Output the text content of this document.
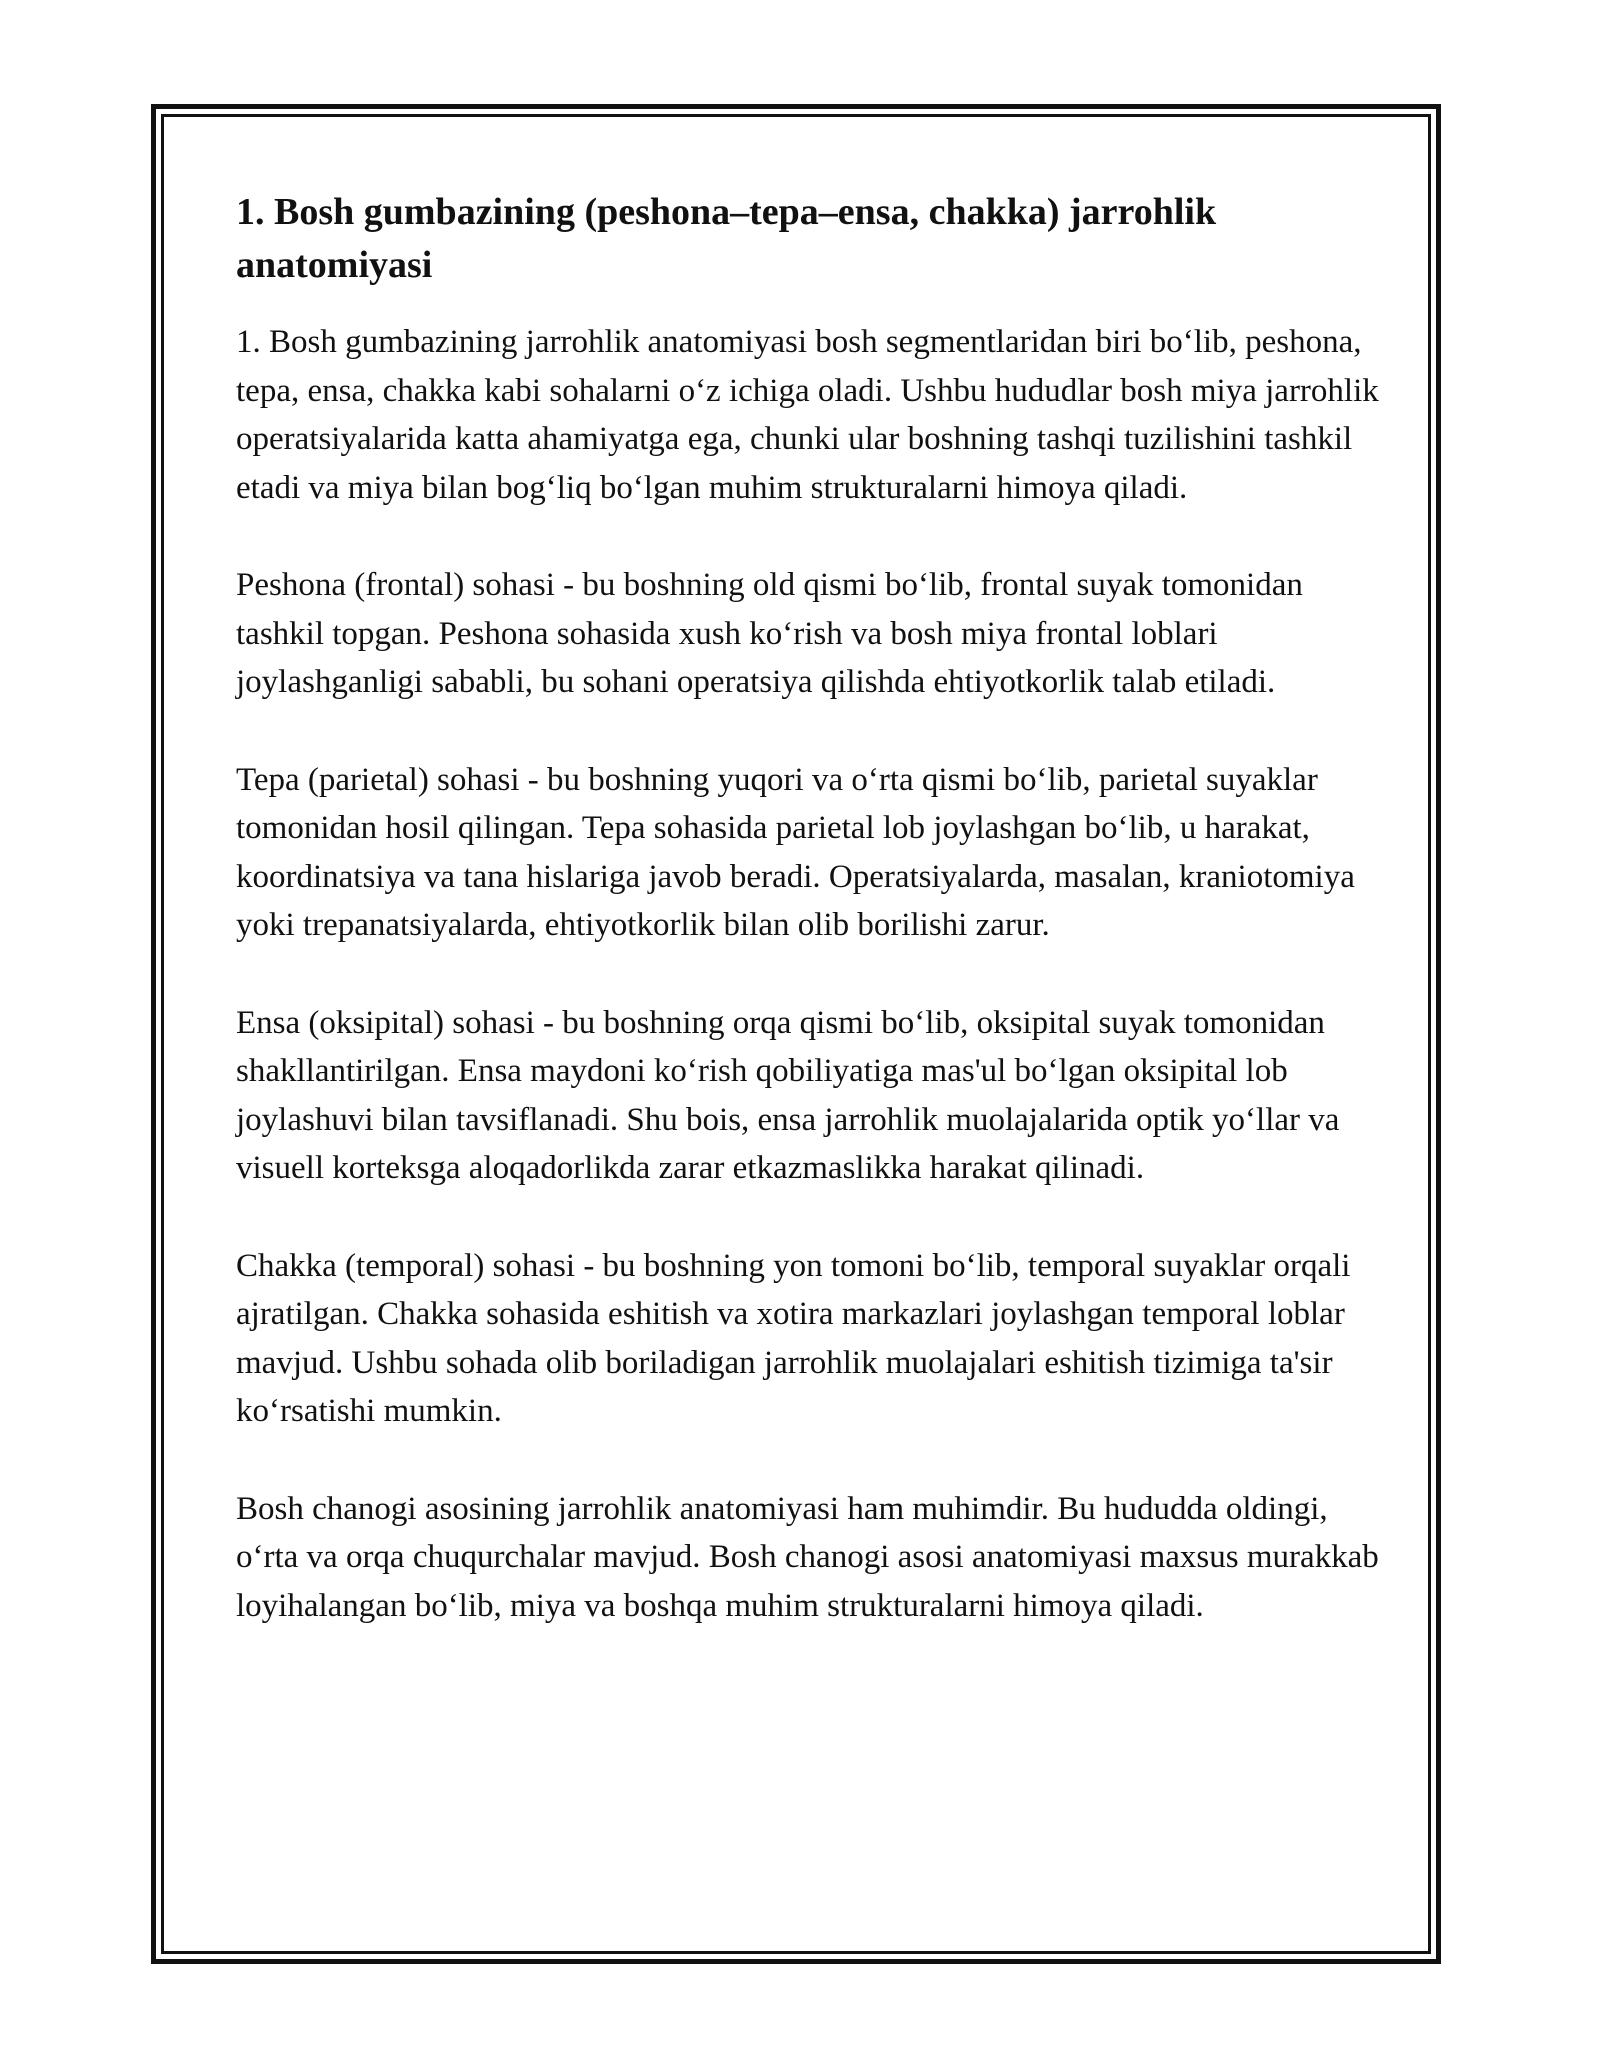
1. Bosh gumbazining (peshona–tepa–ensa, chakka) jarrohlik anatomiyasi

1. Bosh gumbazining jarrohlik anatomiyasi bosh segmentlaridan biri bo‘lib, peshona, tepa, ensa, chakka kabi sohalarni o‘z ichiga oladi. Ushbu hududlar bosh miya jarrohlik operatsiyalarida katta ahamiyatga ega, chunki ular boshning tashqi tuzilishini tashkil etadi va miya bilan bog‘liq bo‘lgan muhim strukturalarni himoya qiladi.

Peshona (frontal) sohasi - bu boshning old qismi bo‘lib, frontal suyak tomonidan tashkil topgan. Peshona sohasida xush ko‘rish va bosh miya frontal loblari joylashganligi sababli, bu sohani operatsiya qilishda ehtiyotkorlik talab etiladi.

Tepa (parietal) sohasi - bu boshning yuqori va o‘rta qismi bo‘lib, parietal suyaklar tomonidan hosil qilingan. Tepa sohasida parietal lob joylashgan bo‘lib, u harakat, koordinatsiya va tana hislariga javob beradi. Operatsiyalarda, masalan, kraniotomiya yoki trepanatsiyalarda, ehtiyotkorlik bilan olib borilishi zarur.

Ensa (oksipital) sohasi - bu boshning orqa qismi bo‘lib, oksipital suyak tomonidan shakllantirilgan. Ensa maydoni ko‘rish qobiliyatiga mas'ul bo‘lgan oksipital lob joylashuvi bilan tavsiflanadi. Shu bois, ensa jarrohlik muolajalarida optik yo‘llar va visuell korteksga aloqadorlikda zarar etkazmaslikka harakat qilinadi.

Chakka (temporal) sohasi - bu boshning yon tomoni bo‘lib, temporal suyaklar orqali ajratilgan. Chakka sohasida eshitish va xotira markazlari joylashgan temporal loblar mavjud. Ushbu sohada olib boriladigan jarrohlik muolajalari eshitish tizimiga ta'sir ko‘rsatishi mumkin.

Bosh chanogi asosining jarrohlik anatomiyasi ham muhimdir. Bu hududda oldingi, o‘rta va orqa chuqurchalar mavjud. Bosh chanogi asosi anatomiyasi maxsus murakkab loyihalangan bo‘lib, miya va boshqa muhim strukturalarni himoya qiladi.
